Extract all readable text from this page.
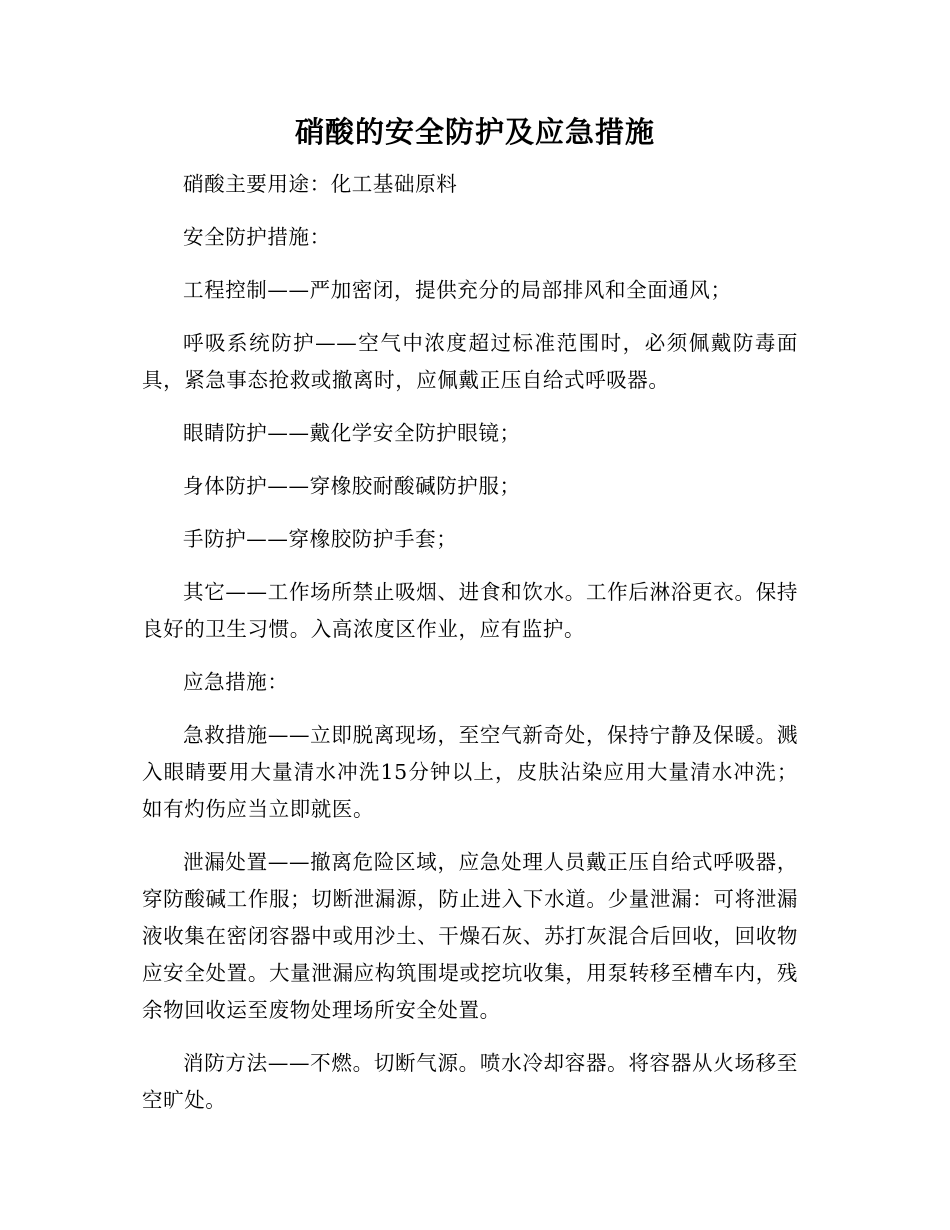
硝酸的安全防护及应急措施

硝酸主要用途：化工基础原料

安全防护措施：

工程控制——严加密闭，提供充分的局部排风和全面通风；

呼吸系统防护——空气中浓度超过标准范围时，必须佩戴防毒面具，紧急事态抢救或撤离时，应佩戴正压自给式呼吸器。

眼睛防护——戴化学安全防护眼镜；

身体防护——穿橡胶耐酸碱防护服；

手防护——穿橡胶防护手套；

其它——工作场所禁止吸烟、进食和饮水。工作后淋浴更衣。保持良好的卫生习惯。入高浓度区作业，应有监护。

应急措施：

急救措施——立即脱离现场，至空气新奇处，保持宁静及保暖。溅入眼睛要用大量清水冲洗15分钟以上，皮肤沾染应用大量清水冲洗；如有灼伤应当立即就医。

泄漏处置——撤离危险区域，应急处理人员戴正压自给式呼吸器，穿防酸碱工作服；切断泄漏源，防止进入下水道。少量泄漏：可将泄漏液收集在密闭容器中或用沙土、干燥石灰、苏打灰混合后回收，回收物应安全处置。大量泄漏应构筑围堤或挖坑收集，用泵转移至槽车内，残余物回收运至废物处理场所安全处置。

消防方法——不燃。切断气源。喷水冷却容器。将容器从火场移至空旷处。
